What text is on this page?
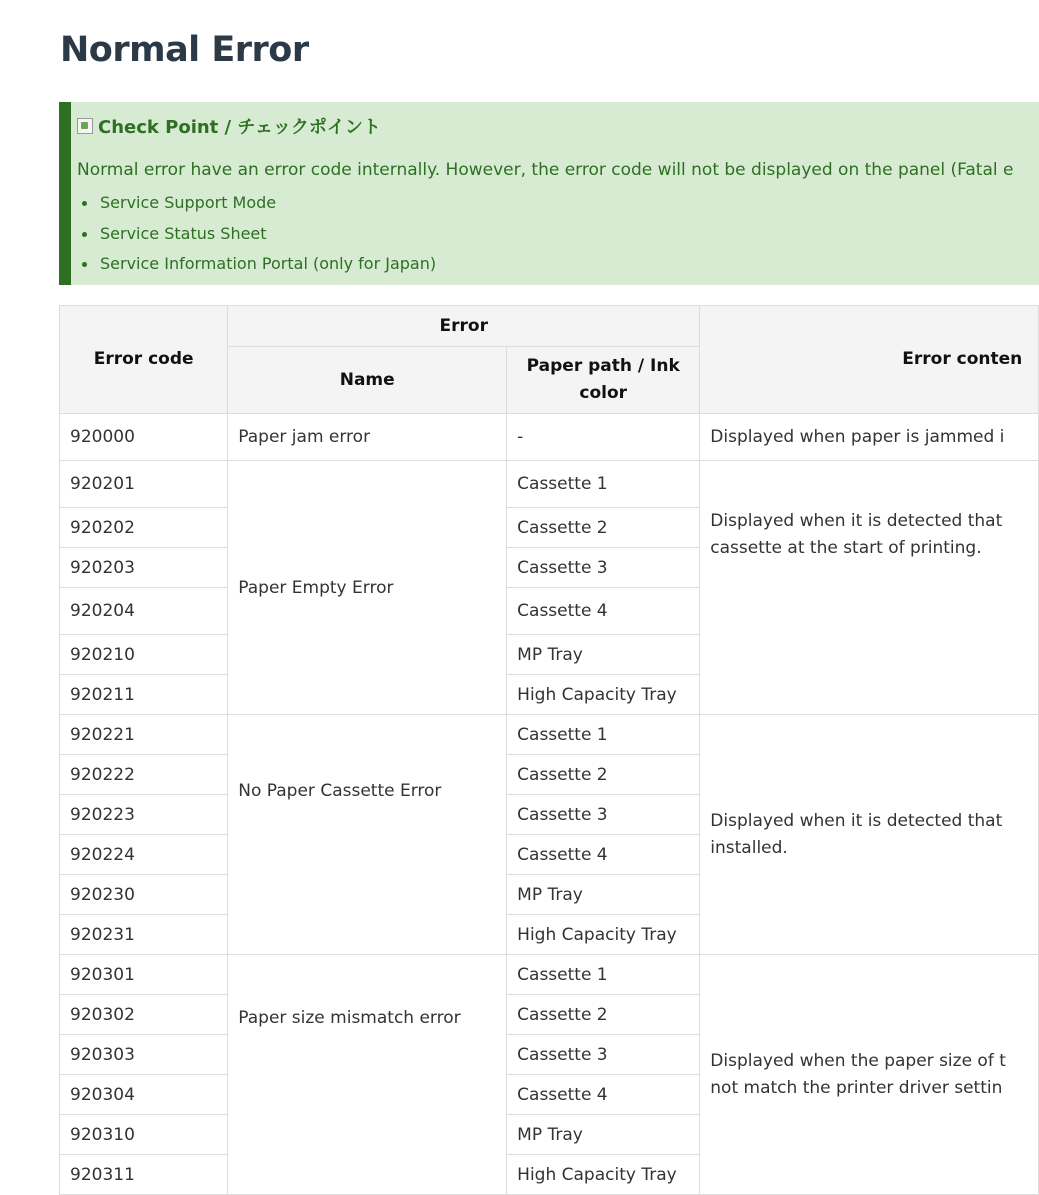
Normal Error
Check Point / チェックポイント
Normal error have an error code internally. However, the error code will not be displayed on the panel (Fatal e
Service Support Mode
Service Status Sheet
Service Information Portal (only for Japan)
Error code	Error		Error conten
	Name	Paper path / Ink color	
920000	Paper jam error	-	Displayed when paper is jammed i
920201	Paper Empty Error	Cassette 1	Displayed when it is detected that
cassette at the start of printing.

920202		Cassette 2	
920203		Cassette 3	
920204		Cassette 4	
920210		MP Tray	
920211		High Capacity Tray	
920221	No Paper Cassette Error	Cassette 1	Displayed when it is detected that
installed.

920222		Cassette 2	
920223		Cassette 3	
920224		Cassette 4	
920230		MP Tray	
920231		High Capacity Tray	
920301	Paper size mismatch error	Cassette 1	Displayed when the paper size of t
not match the printer driver settin

920302		Cassette 2	
920303		Cassette 3	
920304		Cassette 4	
920310		MP Tray	
920311		High Capacity Tray	
